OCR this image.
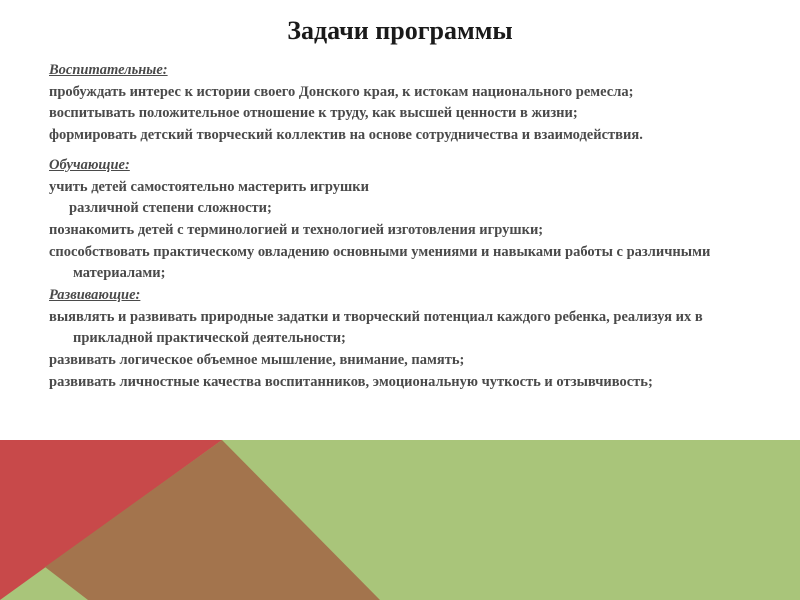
Задачи программы

Воспитательные:

пробуждать интерес к истории своего Донского края, к истокам национального ремесла;

воспитывать положительное отношение к труду, как высшей ценности в жизни;

формировать детский творческий коллектив на основе сотрудничества и взаимодействия.

Обучающие:

учить детей самостоятельно мастерить игрушки

различной степени сложности;

познакомить детей с терминологией и технологией изготовления игрушки;

способствовать практическому овладению основными умениями и навыками работы с различными материалами;

Развивающие:

выявлять и развивать природные задатки и творческий потенциал каждого ребенка, реализуя их в прикладной практической деятельности;

развивать логическое объемное мышление, внимание, память;

развивать личностные качества воспитанников, эмоциональную чуткость и отзывчивость;
